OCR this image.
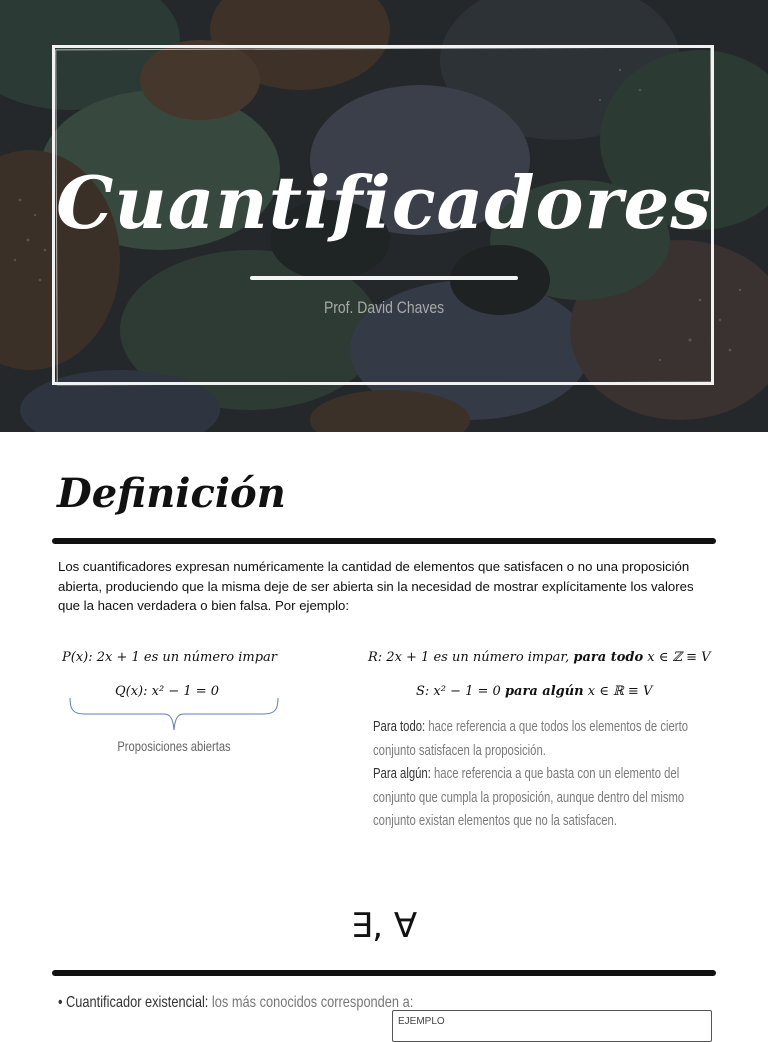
Cuantificadores
Prof. David Chaves
Definición
Los cuantificadores expresan numéricamente la cantidad de elementos que satisfacen o no una proposición abierta, produciendo que la misma deje de ser abierta sin la necesidad de mostrar explícitamente los valores que la hacen verdadera o bien falsa. Por ejemplo:
P(x): 2x + 1 es un número impar
Q(x): x² − 1 = 0
Proposiciones abiertas
R: 2x + 1 es un número impar, para todo x ∈ ℤ ≡ V
S: x² − 1 = 0 para algún x ∈ ℝ ≡ V
Para todo: hace referencia a que todos los elementos de cierto conjunto satisfacen la proposición.
Para algún: hace referencia a que basta con un elemento del conjunto que cumpla la proposición, aunque dentro del mismo conjunto existan elementos que no la satisfacen.
∃, ∀
• Cuantificador existencial: los más conocidos corresponden a:
EJEMPLO
